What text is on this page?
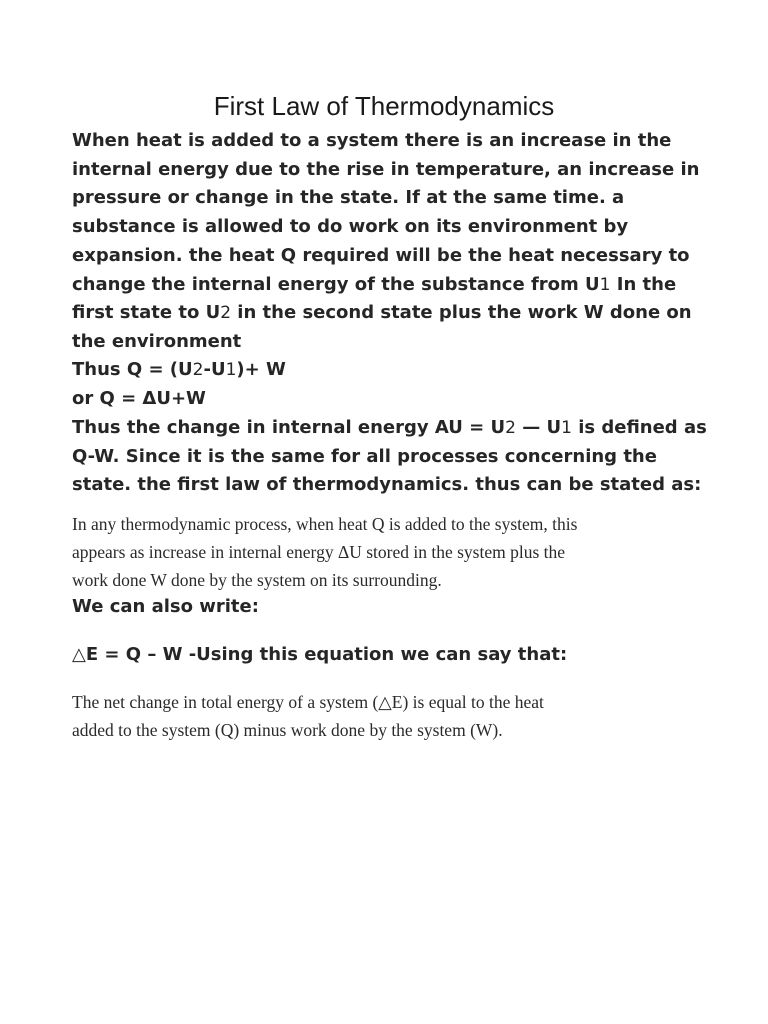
First Law of Thermodynamics
When heat is added to a system there is an increase in the
internal energy due to the rise in temperature, an increase in
pressure or change in the state. If at the same time. a
substance is allowed to do work on its environment by
expansion. the heat Q required will be the heat necessary to
change the internal energy of the substance from U1 In the
first state to U2 in the second state plus the work W done on
the environment
Thus Q = (U2-U1)+ W
or Q = ΔU+W
Thus the change in internal energy AU = U2 — U1 is defined as
Q-W. Since it is the same for all processes concerning the
state. the first law of thermodynamics. thus can be stated as:
In any thermodynamic process, when heat Q is added to the system, this
appears as increase in internal energy ΔU stored in the system plus the
work done W done by the system on its surrounding.
We can also write:
△E = Q – W -Using this equation we can say that:
The net change in total energy of a system (△E) is equal to the heat
added to the system (Q) minus work done by the system (W).
